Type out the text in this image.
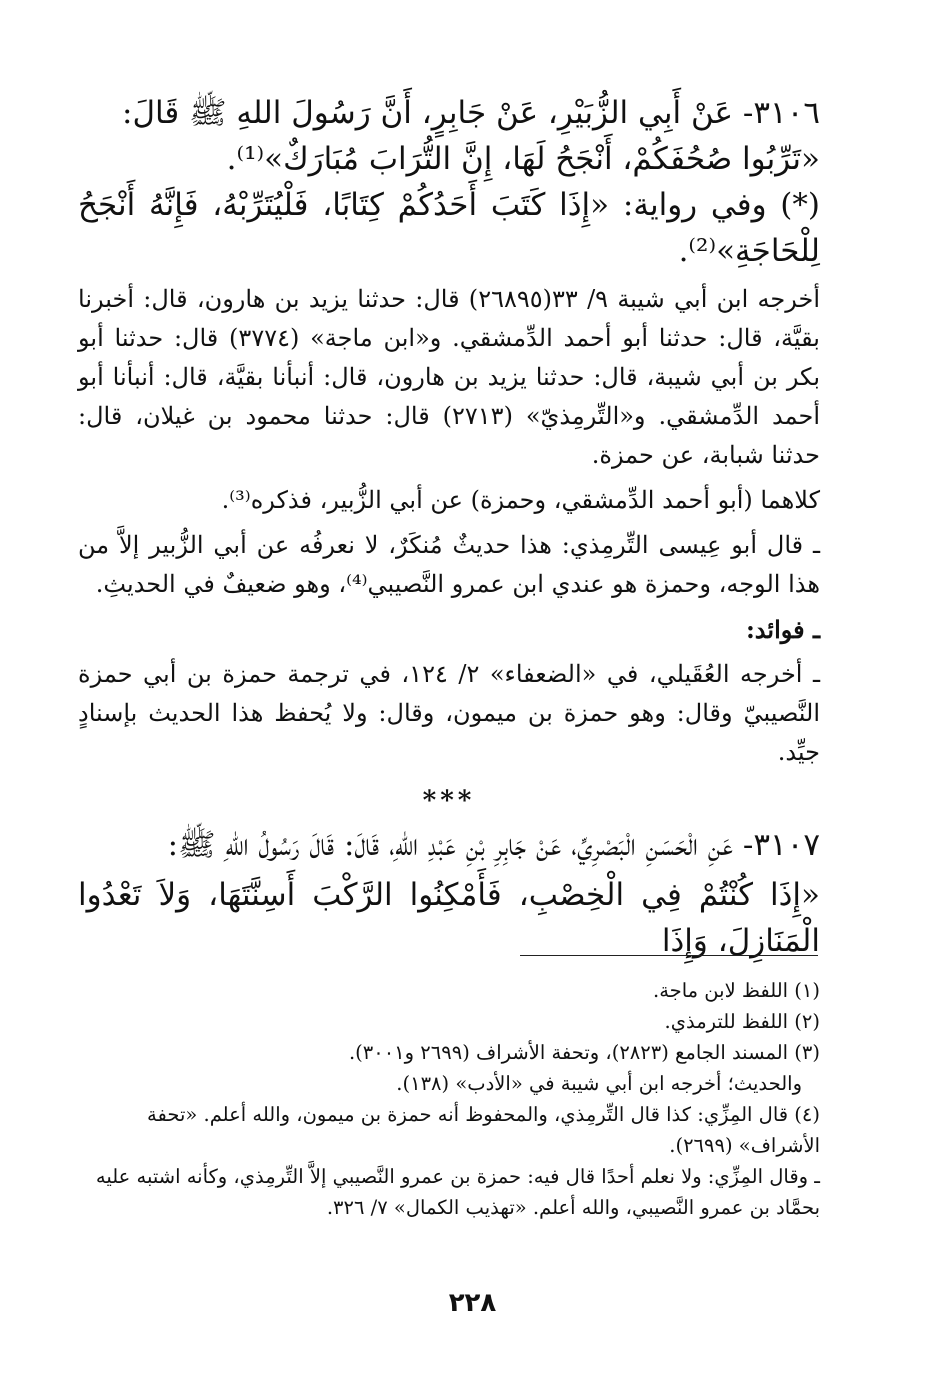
٣١٠٦- عَنْ أَبِي الزُّبَيْرِ، عَنْ جَابِرٍ، أَنَّ رَسُولَ اللهِ ﷺ قَالَ:

«تَرِّبُوا صُحُفَكُمْ، أَنْجَحُ لَهَا، إِنَّ التُّرَابَ مُبَارَكٌ»⁽¹⁾.

(*) وفي رواية: «إِذَا كَتَبَ أَحَدُكُمْ كِتَابًا، فَلْيُتَرِّبْهُ، فَإِنَّهُ أَنْجَحُ لِلْحَاجَةِ»⁽²⁾.

أخرجه ابن أبي شيبة ٩/ ٣٣(٢٦٨٩٥) قال: حدثنا يزيد بن هارون، قال: أخبرنا بقيَّة، قال: حدثنا أبو أحمد الدِّمشقي. و«ابن ماجة» (٣٧٧٤) قال: حدثنا أبو بكر بن أبي شيبة، قال: حدثنا يزيد بن هارون، قال: أنبأنا بقيَّة، قال: أنبأنا أبو أحمد الدِّمشقي. و«التِّرمِذيّ» (٢٧١٣) قال: حدثنا محمود بن غيلان، قال: حدثنا شبابة، عن حمزة.

كلاهما (أبو أحمد الدِّمشقي، وحمزة) عن أبي الزُّبير، فذكره⁽³⁾.

ـ قال أبو عِيسى التِّرمِذي: هذا حديثٌ مُنكَرٌ، لا نعرفُه عن أبي الزُّبير إلاَّ من هذا الوجه، وحمزة هو عندي ابن عمرو النَّصيبي⁽⁴⁾، وهو ضعيفٌ في الحديثِ.

ـ فوائد:

ـ أخرجه العُقَيلي، في «الضعفاء» ٢/ ١٢٤، في ترجمة حمزة بن أبي حمزة النَّصيبيّ وقال: وهو حمزة بن ميمون، وقال: ولا يُحفظ هذا الحديث بإسنادٍ جيِّد.

***

٣١٠٧- عَنِ الْحَسَنِ الْبَصْرِيِّ، عَنْ جَابِرِ بْنِ عَبْدِ اللهِ، قَالَ: قَالَ رَسُولُ اللهِ ﷺ:

«إِذَا كُنْتُمْ فِي الْخِصْبِ، فَأَمْكِنُوا الرَّكْبَ أَسِنَّتَهَا، وَلاَ تَعْدُوا الْمَنَازِلَ، وَإِذَا

(١) اللفظ لابن ماجة.

(٢) اللفظ للترمذي.

(٣) المسند الجامع (٢٨٢٣)، وتحفة الأشراف (٢٦٩٩ و٣٠٠١).

والحديث؛ أخرجه ابن أبي شيبة في «الأدب» (١٣٨).

(٤) قال المِزِّي: كذا قال التِّرمِذي، والمحفوظ أنه حمزة بن ميمون، والله أعلم. «تحفة الأشراف» (٢٦٩٩).

ـ وقال المِزِّي: ولا نعلم أحدًا قال فيه: حمزة بن عمرو النَّصيبي إلاَّ التِّرمِذي، وكأنه اشتبه عليه بحمَّاد بن عمرو النَّصيبي، والله أعلم. «تهذيب الكمال» ٧/ ٣٢٦.

٢٢٨
